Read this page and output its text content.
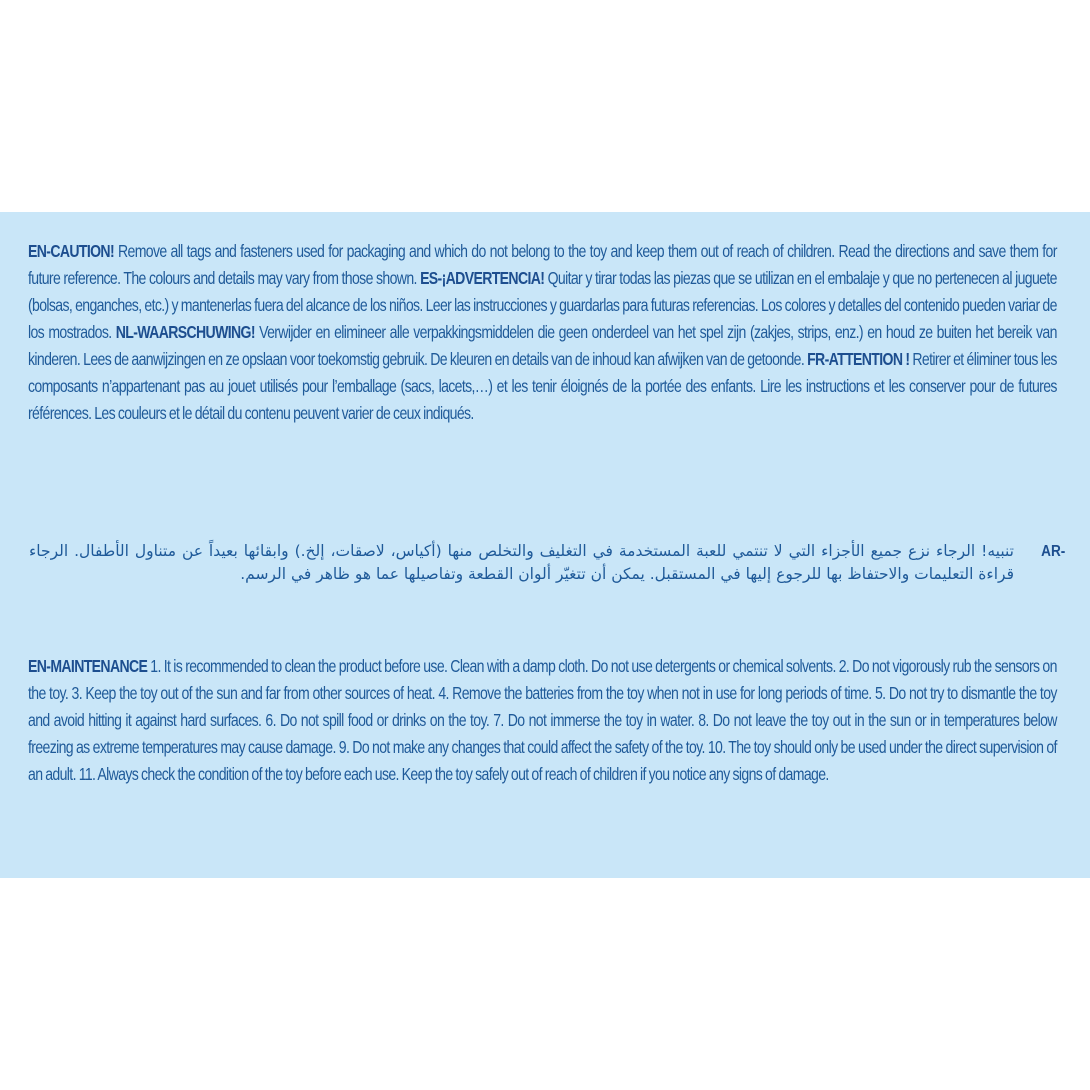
EN-CAUTION! Remove all tags and fasteners used for packaging and which do not belong to the toy and keep them out of reach of children. Read the directions and save them for future reference. The colours and details may vary from those shown. ES-¡ADVERTENCIA! Quitar y tirar todas las piezas que se utilizan en el embalaje y que no pertenecen al juguete (bolsas, enganches, etc.) y mantenerlas fuera del alcance de los niños. Leer las instrucciones y guardarlas para futuras referencias. Los colores y detalles del contenido pueden variar de los mostrados. NL-WAARSCHUWING! Verwijder en elimineer alle verpakkingsmiddelen die geen onderdeel van het spel zijn (zakjes, strips, enz.) en houd ze buiten het bereik van kinderen. Lees de aanwijzingen en ze opslaan voor toekomstig gebruik. De kleuren en details van de inhoud kan afwijken van de getoonde. FR-ATTENTION ! Retirer et éliminer tous les composants n’appartenant pas au jouet utilisés pour l’emballage (sacs, lacets,…) et les tenir éloignés de la portée des enfants. Lire les instructions et les conserver pour de futures références. Les couleurs et le détail du contenu peuvent varier de ceux indiqués.
AR-
تنبيه! الرجاء نزع جميع الأجزاء التي لا تنتمي للعبة المستخدمة في التغليف والتخلص منها (أكياس، لاصقات، إلخ.) وابقائها بعيداً عن متناول الأطفال. الرجاء قراءة التعليمات والاحتفاظ بها للرجوع إليها في المستقبل. يمكن أن تتغيّر ألوان القطعة وتفاصيلها عما هو ظاهر في الرسم.
EN-MAINTENANCE 1. It is recommended to clean the product before use. Clean with a damp cloth. Do not use detergents or chemical solvents. 2. Do not vigorously rub the sensors on the toy. 3. Keep the toy out of the sun and far from other sources of heat. 4. Remove the batteries from the toy when not in use for long periods of time. 5. Do not try to dismantle the toy and avoid hitting it against hard surfaces. 6. Do not spill food or drinks on the toy. 7. Do not immerse the toy in water. 8. Do not leave the toy out in the sun or in temperatures below freezing as extreme temperatures may cause damage. 9. Do not make any changes that could affect the safety of the toy. 10. The toy should only be used under the direct supervision of an adult. 11. Always check the condition of the toy before each use. Keep the toy safely out of reach of children if you notice any signs of damage.
